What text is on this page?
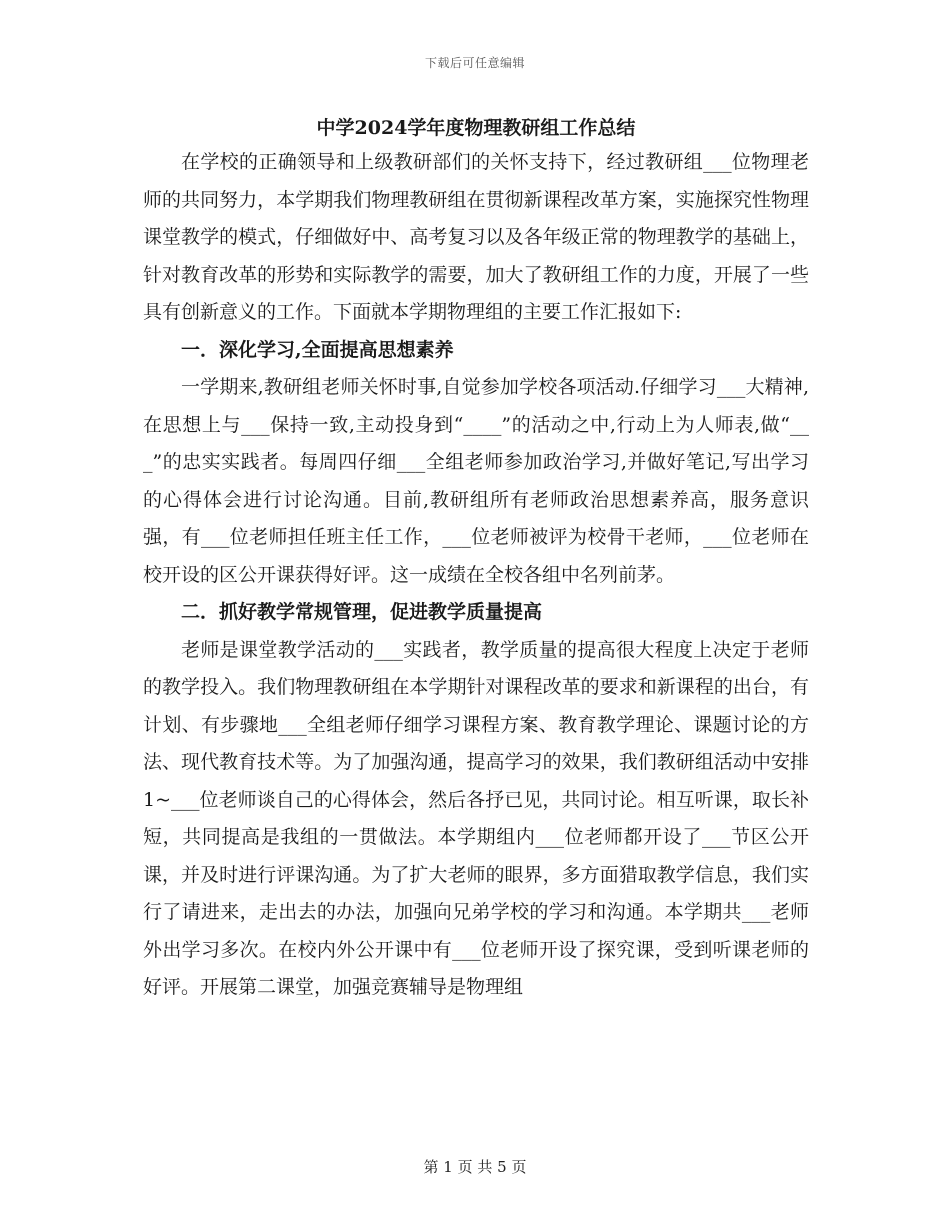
下载后可任意编辑
中学2024学年度物理教研组工作总结

在学校的正确领导和上级教研部们的关怀支持下，经过教研组___位物理老师的共同努力，本学期我们物理教研组在贯彻新课程改革方案，实施探究性物理课堂教学的模式，仔细做好中、高考复习以及各年级正常的物理教学的基础上，针对教育改革的形势和实际教学的需要，加大了教研组工作的力度，开展了一些具有创新意义的工作。下面就本学期物理组的主要工作汇报如下:

一．深化学习,全面提高思想素养

一学期来,教研组老师关怀时事,自觉参加学校各项活动.仔细学习___大精神,在思想上与___保持一致,主动投身到“____”的活动之中,行动上为人师表,做“___”的忠实实践者。每周四仔细___全组老师参加政治学习,并做好笔记,写出学习的心得体会进行讨论沟通。目前,教研组所有老师政治思想素养高，服务意识强，有___位老师担任班主任工作，___位老师被评为校骨干老师，___位老师在校开设的区公开课获得好评。这一成绩在全校各组中名列前茅。

二．抓好教学常规管理，促进教学质量提高

老师是课堂教学活动的___实践者，教学质量的提高很大程度上决定于老师的教学投入。我们物理教研组在本学期针对课程改革的要求和新课程的出台，有计划、有步骤地___全组老师仔细学习课程方案、教育教学理论、课题讨论的方法、现代教育技术等。为了加强沟通，提高学习的效果，我们教研组活动中安排1~___位老师谈自己的心得体会，然后各抒已见，共同讨论。相互听课，取长补短，共同提高是我组的一贯做法。本学期组内___位老师都开设了___节区公开课，并及时进行评课沟通。为了扩大老师的眼界，多方面猎取教学信息，我们实行了请进来，走出去的办法，加强向兄弟学校的学习和沟通。本学期共___老师外出学习多次。在校内外公开课中有___位老师开设了探究课，受到听课老师的好评。开展第二课堂，加强竞赛辅导是物理组

第 1 页 共 5 页
